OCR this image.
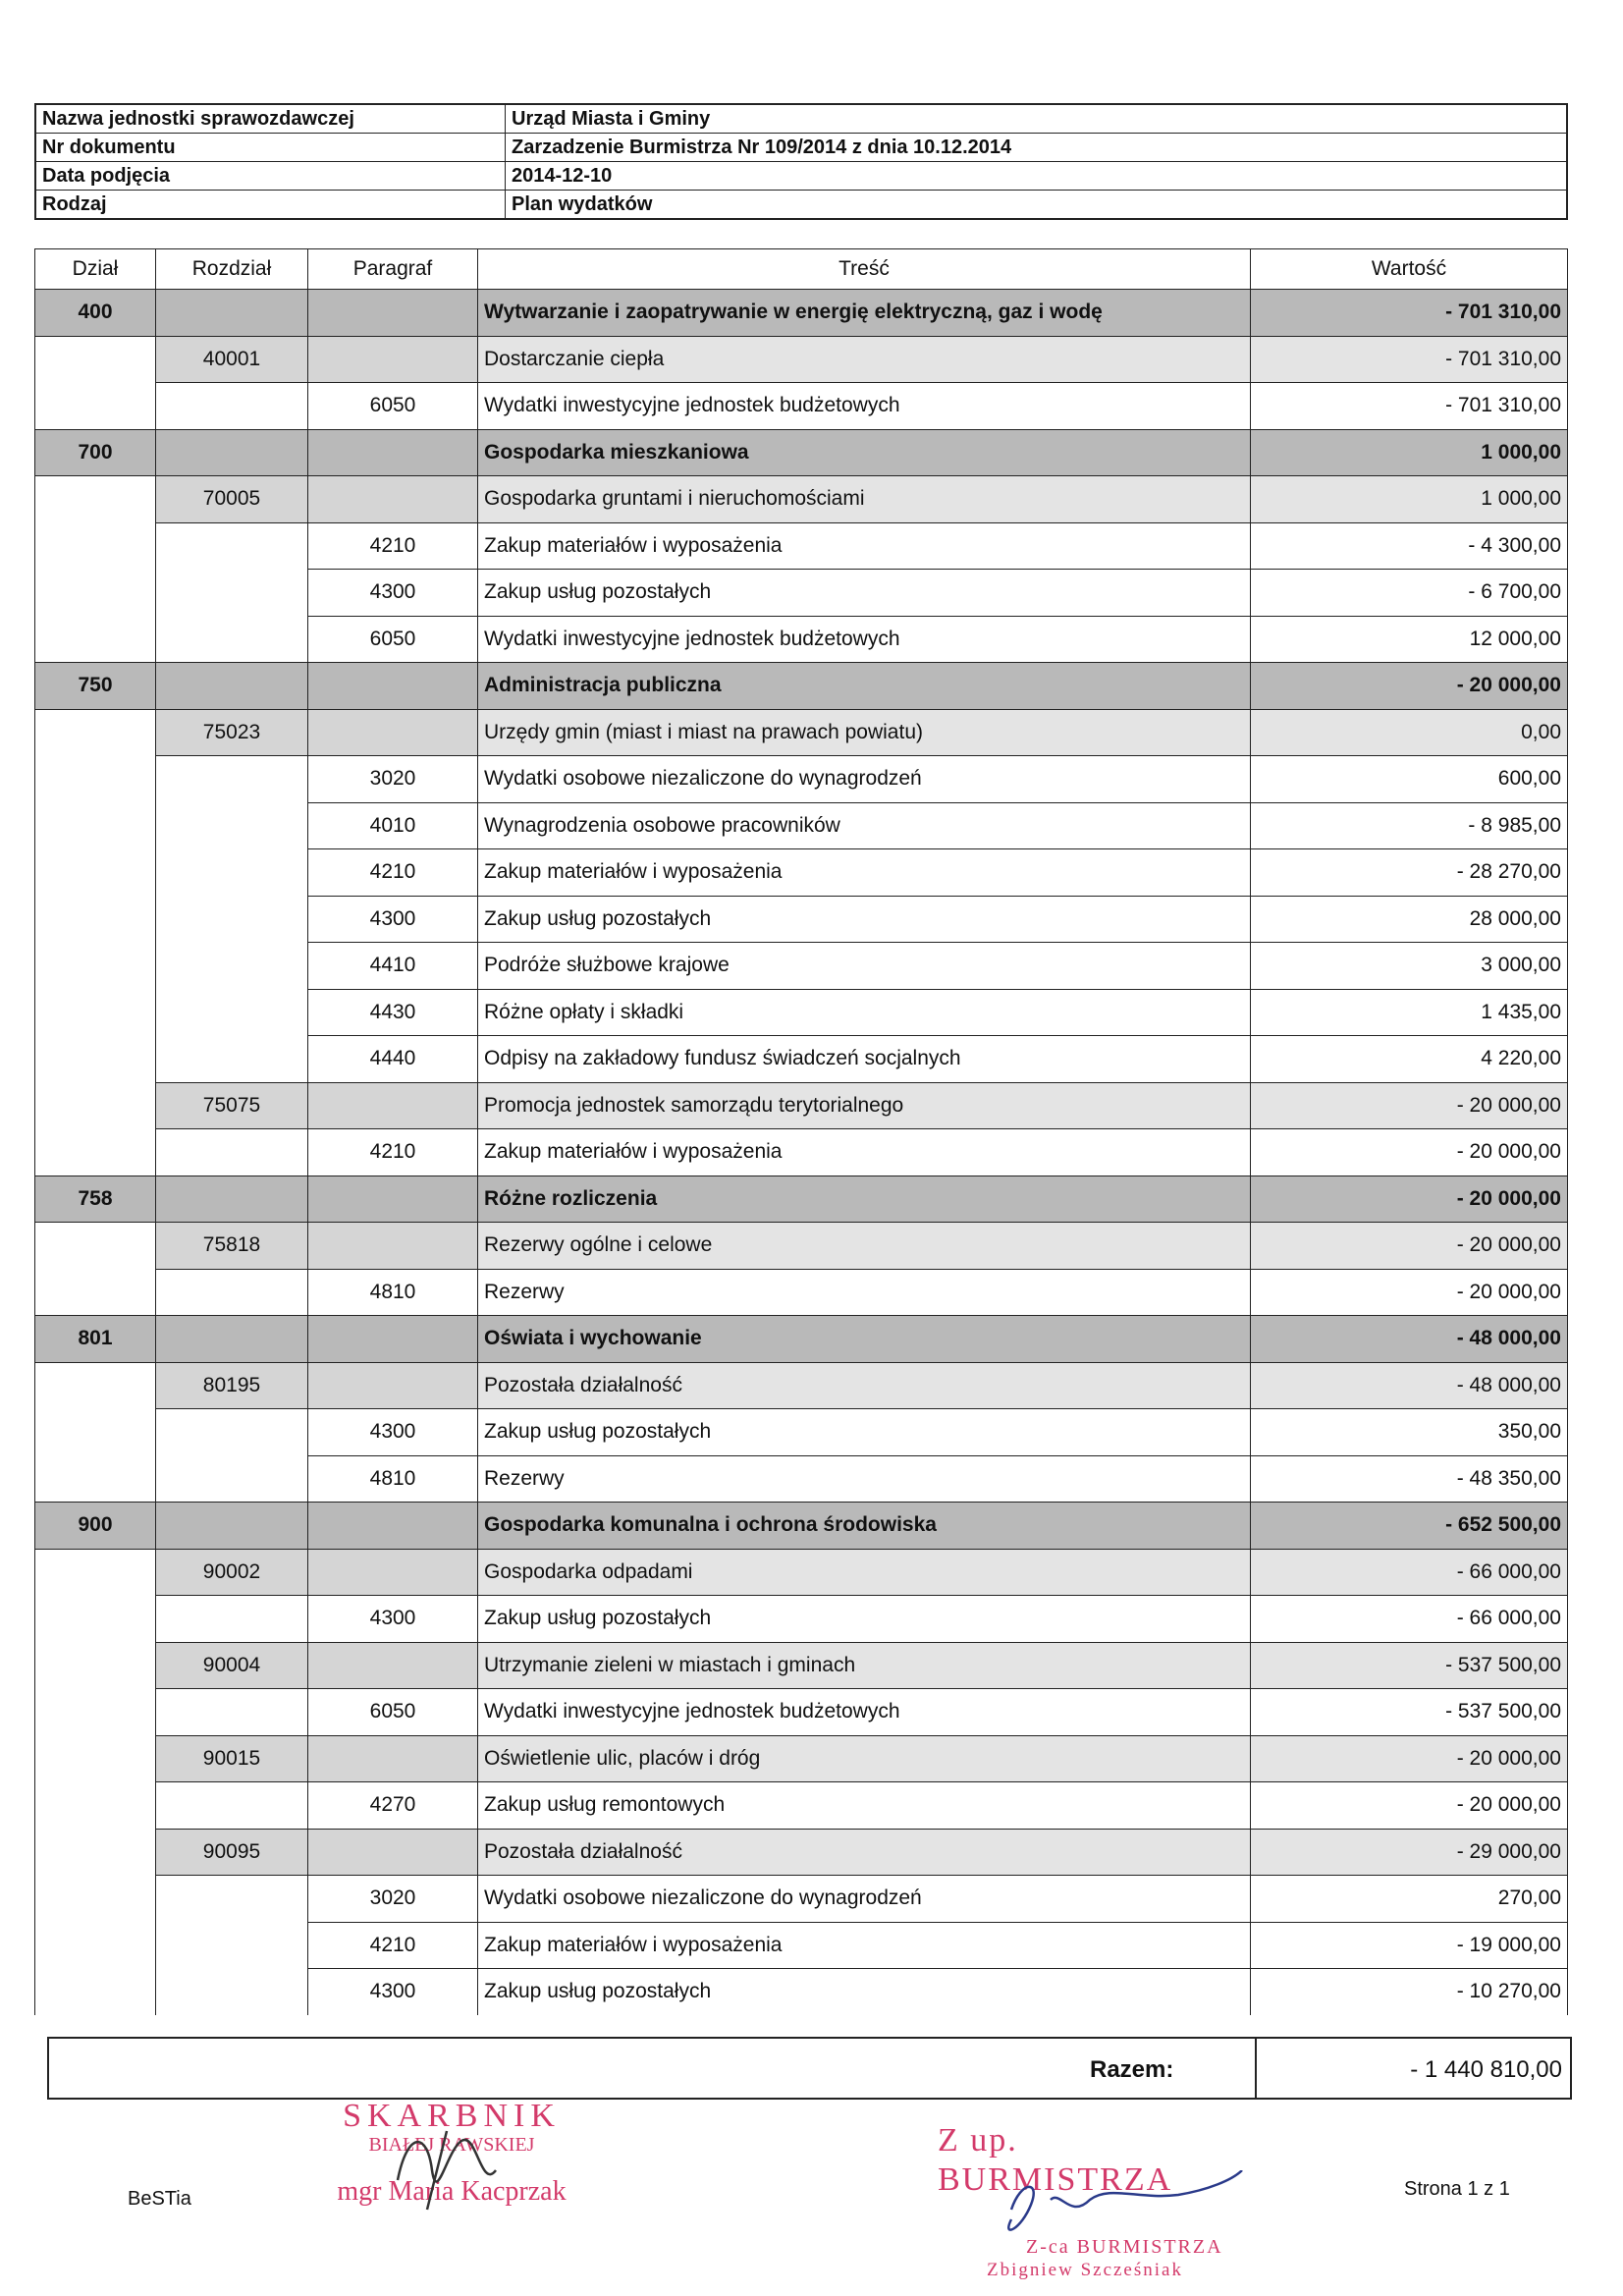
Nazwa jednostki sprawozdawczej	Urząd Miasta i Gminy
Nr dokumentu	Zarzadzenie Burmistrza Nr 109/2014 z dnia 10.12.2014
Data podjęcia	2014-12-10
Rodzaj	Plan wydatków
Dział	Rozdział	Paragraf	Treść	Wartość
400			Wytwarzanie i zaopatrywanie w energię elektryczną, gaz i wodę	- 701 310,00
	40001		Dostarczanie ciepła	- 701 310,00
		6050	Wydatki inwestycyjne jednostek budżetowych	- 701 310,00
700			Gospodarka mieszkaniowa	1 000,00
	70005		Gospodarka gruntami i nieruchomościami	1 000,00
		4210	Zakup materiałów i wyposażenia	- 4 300,00
		4300	Zakup usług pozostałych	- 6 700,00
		6050	Wydatki inwestycyjne jednostek budżetowych	12 000,00
750			Administracja publiczna	- 20 000,00
	75023		Urzędy gmin (miast i miast na prawach powiatu)	0,00
		3020	Wydatki osobowe niezaliczone do wynagrodzeń	600,00
		4010	Wynagrodzenia osobowe pracowników	- 8 985,00
		4210	Zakup materiałów i wyposażenia	- 28 270,00
		4300	Zakup usług pozostałych	28 000,00
		4410	Podróże służbowe krajowe	3 000,00
		4430	Różne opłaty i składki	1 435,00
		4440	Odpisy na zakładowy fundusz świadczeń socjalnych	4 220,00
	75075		Promocja jednostek samorządu terytorialnego	- 20 000,00
		4210	Zakup materiałów i wyposażenia	- 20 000,00
758			Różne rozliczenia	- 20 000,00
	75818		Rezerwy ogólne i celowe	- 20 000,00
		4810	Rezerwy	- 20 000,00
801			Oświata i wychowanie	- 48 000,00
	80195		Pozostała działalność	- 48 000,00
		4300	Zakup usług pozostałych	350,00
		4810	Rezerwy	- 48 350,00
900			Gospodarka komunalna i ochrona środowiska	- 652 500,00
	90002		Gospodarka odpadami	- 66 000,00
		4300	Zakup usług pozostałych	- 66 000,00
	90004		Utrzymanie zieleni w miastach i gminach	- 537 500,00
		6050	Wydatki inwestycyjne jednostek budżetowych	- 537 500,00
	90015		Oświetlenie ulic, placów i dróg	- 20 000,00
		4270	Zakup usług remontowych	- 20 000,00
	90095		Pozostała działalność	- 29 000,00
		3020	Wydatki osobowe niezaliczone do wynagrodzeń	270,00
		4210	Zakup materiałów i wyposażenia	- 19 000,00
		4300	Zakup usług pozostałych	- 10 270,00
Razem:	- 1 440 810,00
SKARBNIK
BIAŁEJ RAWSKIEJ
mgr Maria Kacprzak
Z up. BURMISTRZA
Z-ca BURMISTRZA
Zbigniew Szcześniak
BeSTia	Strona 1 z 1
